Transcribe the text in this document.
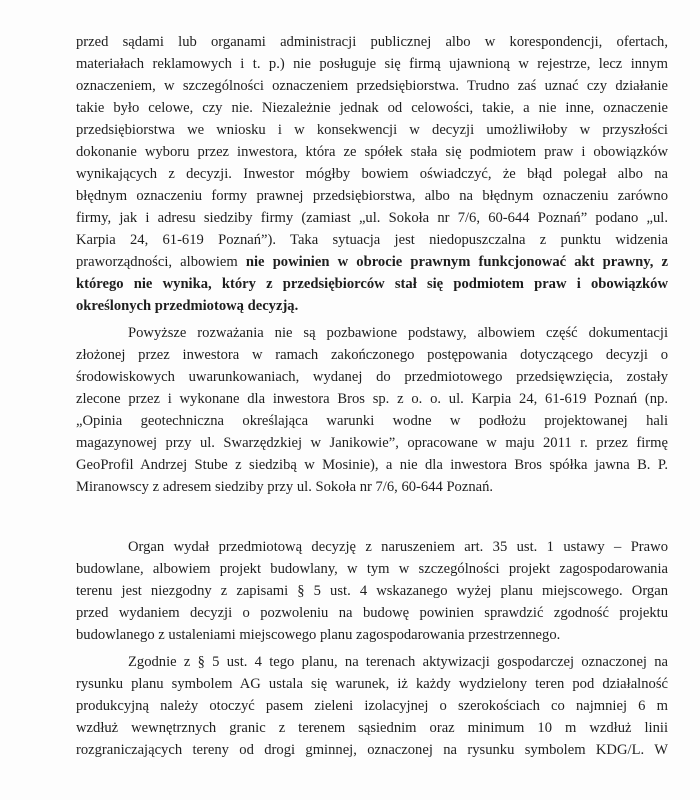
przed sądami lub organami administracji publicznej albo w korespondencji, ofertach,
materiałach reklamowych i t. p.) nie posługuje się firmą ujawnioną w rejestrze, lecz innym
oznaczeniem, w szczególności oznaczeniem przedsiębiorstwa. Trudno zaś uznać czy działanie
takie było celowe, czy nie. Niezależnie jednak od celowości, takie, a nie inne, oznaczenie
przedsiębiorstwa we wniosku i w konsekwencji w decyzji umożliwiłoby w przyszłości
dokonanie wyboru przez inwestora, która ze spółek stała się podmiotem praw i obowiązków
wynikających z decyzji. Inwestor mógłby bowiem oświadczyć, że błąd polegał albo na
błędnym oznaczeniu formy prawnej przedsiębiorstwa, albo na błędnym oznaczeniu zarówno
firmy, jak i adresu siedziby firmy (zamiast „ul. Sokoła nr 7/6, 60-644 Poznań” podano „ul.
Karpia 24, 61-619 Poznań”). Taka sytuacja jest niedopuszczalna z punktu widzenia
praworządności, albowiem nie powinien w obrocie prawnym funkcjonować akt prawny, z
którego nie wynika, który z przedsiębiorców stał się podmiotem praw i obowiązków
określonych przedmiotową decyzją.
Powyższe rozważania nie są pozbawione podstawy, albowiem część dokumentacji
złożonej przez inwestora w ramach zakończonego postępowania dotyczącego decyzji o
środowiskowych uwarunkowaniach, wydanej do przedmiotowego przedsięwzięcia, zostały
zlecone przez i wykonane dla inwestora Bros sp. z o. o. ul. Karpia 24, 61-619 Poznań (np.
„Opinia geotechniczna określająca warunki wodne w podłożu projektowanej hali
magazynowej przy ul. Swarzędzkiej w Janikowie”, opracowane w maju 2011 r. przez firmę
GeoProfil Andrzej Stube z siedzibą w Mosinie), a nie dla inwestora Bros spółka jawna B. P.
Miranowscy z adresem siedziby przy ul. Sokoła nr 7/6, 60-644 Poznań.
Organ wydał przedmiotową decyzję z naruszeniem art. 35 ust. 1 ustawy – Prawo
budowlane, albowiem projekt budowlany, w tym w szczególności projekt zagospodarowania
terenu jest niezgodny z zapisami § 5 ust. 4 wskazanego wyżej planu miejscowego. Organ
przed wydaniem decyzji o pozwoleniu na budowę powinien sprawdzić zgodność projektu
budowlanego z ustaleniami miejscowego planu zagospodarowania przestrzennego.
Zgodnie z § 5 ust. 4 tego planu, na terenach aktywizacji gospodarczej oznaczonej na
rysunku planu symbolem AG ustala się warunek, iż każdy wydzielony teren pod działalność
produkcyjną należy otoczyć pasem zieleni izolacyjnej o szerokościach co najmniej 6 m
wzdłuż wewnętrznych granic z terenem sąsiednim oraz minimum 10 m wzdłuż linii
rozgraniczających tereny od drogi gminnej, oznaczonej na rysunku symbolem KDG/L. W
